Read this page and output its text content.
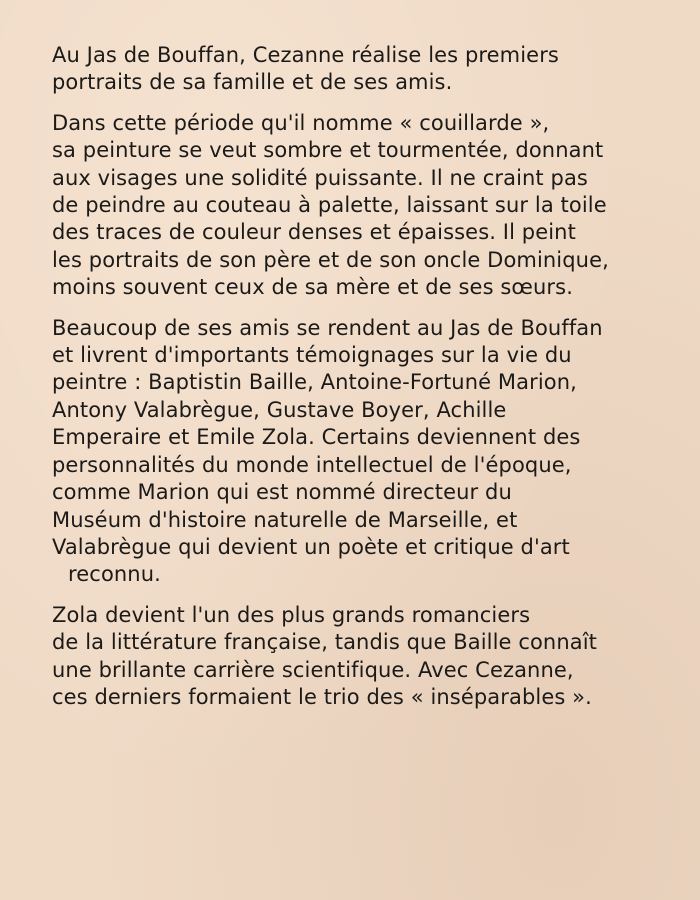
Au Jas de Bouffan, Cezanne réalise les premiers
portraits de sa famille et de ses amis.

Dans cette période qu'il nomme « couillarde »,
sa peinture se veut sombre et tourmentée, donnant
aux visages une solidité puissante. Il ne craint pas
de peindre au couteau à palette, laissant sur la toile
des traces de couleur denses et épaisses. Il peint
les portraits de son père et de son oncle Dominique,
moins souvent ceux de sa mère et de ses sœurs.

Beaucoup de ses amis se rendent au Jas de Bouffan
et livrent d'importants témoignages sur la vie du
peintre : Baptistin Baille, Antoine-Fortuné Marion,
Antony Valabrègue, Gustave Boyer, Achille
Emperaire et Emile Zola. Certains deviennent des
personnalités du monde intellectuel de l'époque,
comme Marion qui est nommé directeur du
Muséum d'histoire naturelle de Marseille, et
Valabrègue qui devient un poète et critique d'art
reconnu.

Zola devient l'un des plus grands romanciers
de la littérature française, tandis que Baille connaît
une brillante carrière scientifique. Avec Cezanne,
ces derniers formaient le trio des « inséparables ».
